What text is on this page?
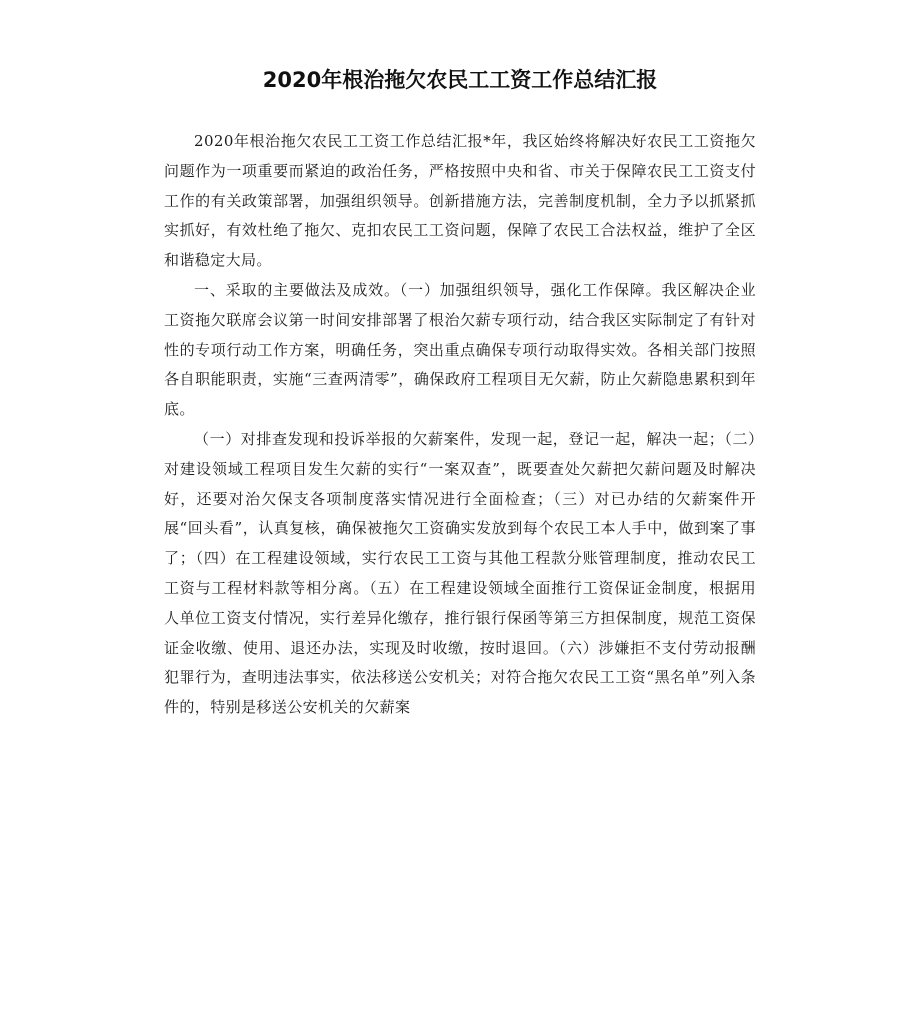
2020年根治拖欠农民工工资工作总结汇报

2020年根治拖欠农民工工资工作总结汇报*年，我区始终将解决好农民工工资拖欠问题作为一项重要而紧迫的政治任务，严格按照中央和省、市关于保障农民工工资支付工作的有关政策部署，加强组织领导。创新措施方法，完善制度机制，全力予以抓紧抓实抓好，有效杜绝了拖欠、克扣农民工工资问题，保障了农民工合法权益，维护了全区和谐稳定大局。

一、采取的主要做法及成效。（一）加强组织领导，强化工作保障。我区解决企业工资拖欠联席会议第一时间安排部署了根治欠薪专项行动，结合我区实际制定了有针对性的专项行动工作方案，明确任务，突出重点确保专项行动取得实效。各相关部门按照各自职能职责，实施“三查两清零”，确保政府工程项目无欠薪，防止欠薪隐患累积到年底。

（一）对排查发现和投诉举报的欠薪案件，发现一起，登记一起，解决一起；（二）对建设领域工程项目发生欠薪的实行“一案双查”，既要查处欠薪把欠薪问题及时解决好，还要对治欠保支各项制度落实情况进行全面检查；（三）对已办结的欠薪案件开展“回头看”，认真复核，确保被拖欠工资确实发放到每个农民工本人手中，做到案了事了；（四）在工程建设领域，实行农民工工资与其他工程款分账管理制度，推动农民工工资与工程材料款等相分离。（五）在工程建设领域全面推行工资保证金制度，根据用人单位工资支付情况，实行差异化缴存，推行银行保函等第三方担保制度，规范工资保证金收缴、使用、退还办法，实现及时收缴，按时退回。（六）涉嫌拒不支付劳动报酬犯罪行为，查明违法事实，依法移送公安机关；对符合拖欠农民工工资“黑名单”列入条件的，特别是移送公安机关的欠薪案
